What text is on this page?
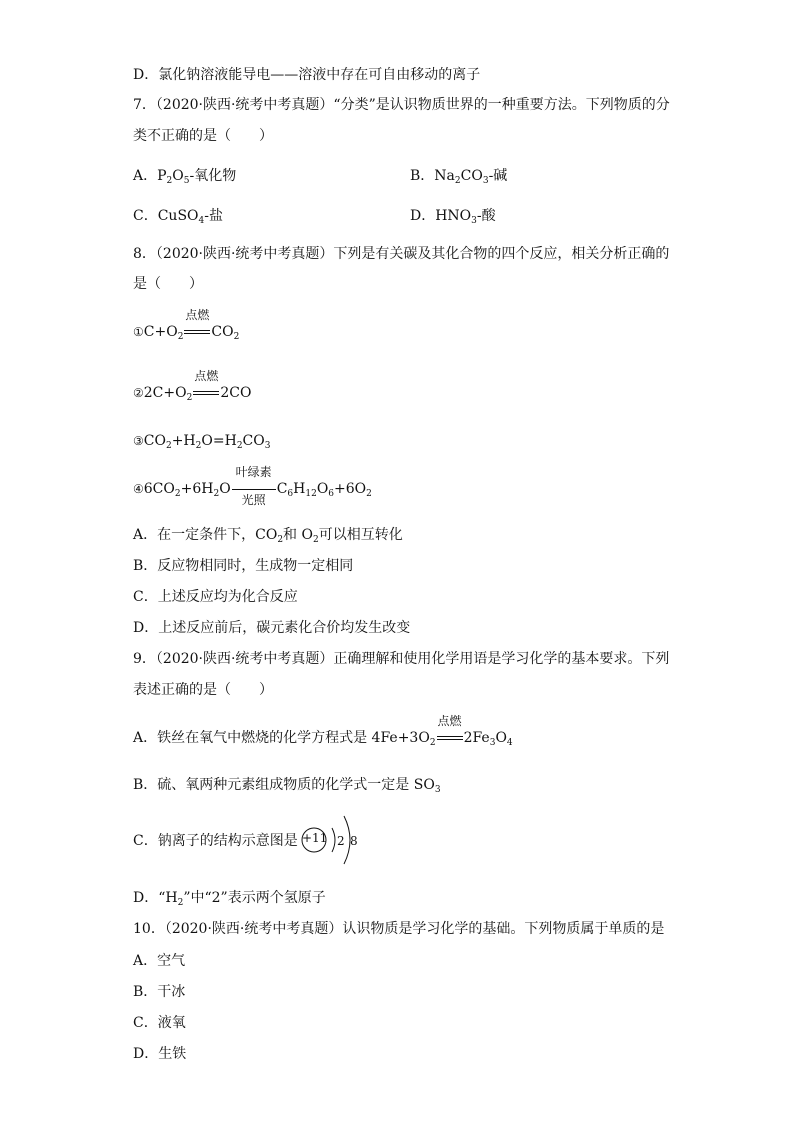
D．氯化钠溶液能导电——溶液中存在可自由移动的离子
7．（2020·陕西·统考中考真题）“分类”是认识物质世界的一种重要方法。下列物质的分
类不正确的是（　　）
A．$P_2O_5-$氧化物	B．$Na_2CO_3-$碱
C．CuSO$_4$-盐	D．$HNO_3-$酸
8．（2020·陕西·统考中考真题）下列是有关碳及其化合物的四个反应，相关分析正确的
是（　　）
$①C+O_2$
点燃
$CO_2$
$②2C+O_2$
点燃
2CO
$③CO_2+H_2O=H_2CO_3$
$④6CO_2+6H_2O$
叶绿素
光照
$C_6H_{12}O_6+6O_2$
A．在一定条件下，$CO_2$和 $O_2$可以相互转化
B．反应物相同时，生成物一定相同
C．上述反应均为化合反应
D．上述反应前后，碳元素化合价均发生改变
9．（2020·陕西·统考中考真题）正确理解和使用化学用语是学习化学的基本要求。下列
表述正确的是（　　）
A．铁丝在氧气中燃烧的化学方程式是 $4Fe+3O_2$
点燃
$2Fe_3O_4$
B．硫、氧两种元素组成物质的化学式一定是 $SO_3$
C．钠离子的结构示意图是 +11 2 8
D．“$H_2$”中“2”表示两个氢原子
10．（2020·陕西·统考中考真题）认识物质是学习化学的基础。下列物质属于单质的是
A．空气
B．干冰
C．液氧
D．生铁
